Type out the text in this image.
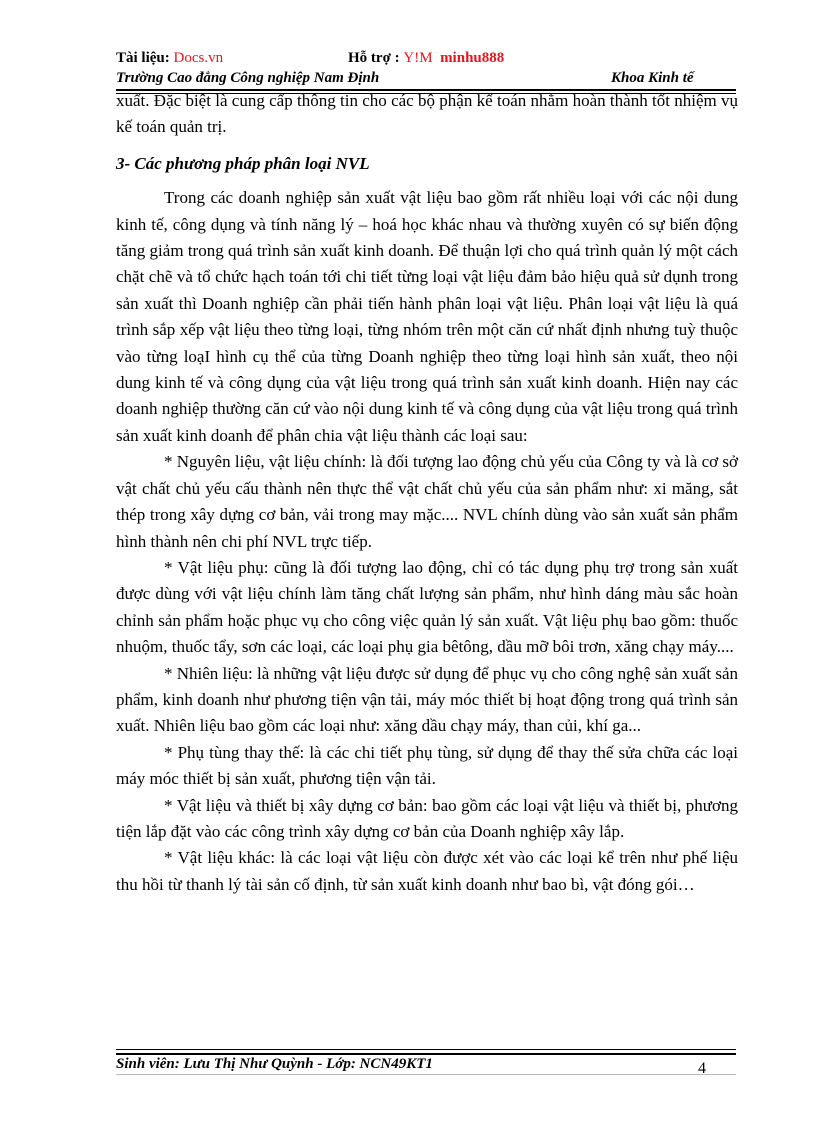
Tài liệu: Docs.vn	Hỗ trợ : Y!M minhu888
Trường Cao đẳng Công nghiệp Nam Định	Khoa Kinh tế

xuất. Đặc biệt là cung cấp thông tin cho các bộ phận kế toán nhằm hoàn thành tốt nhiệm vụ kế toán quản trị.

3- Các phương pháp phân loại NVL

Trong các doanh nghiệp sản xuất vật liệu bao gồm rất nhiều loại với các nội dung kinh tế, công dụng và tính năng lý – hoá học khác nhau và thường xuyên có sự biến động tăng giảm trong quá trình sản xuất kinh doanh. Để thuận lợi cho quá trình quản lý một cách chặt chẽ và tổ chức hạch toán tới chi tiết từng loại vật liệu đảm bảo hiệu quả sử dụnh trong sản xuất thì Doanh nghiệp cần phải tiến hành phân loại vật liệu. Phân loại vật liệu là quá trình sắp xếp vật liệu theo từng loại, từng nhóm trên một căn cứ nhất định nhưng tuỳ thuộc vào từng loạI hình cụ thể của từng Doanh nghiệp theo từng loại hình sản xuất, theo nội dung kinh tế và công dụng của vật liệu trong quá trình sản xuất kinh doanh. Hiện nay các doanh nghiệp thường căn cứ vào nội dung kinh tế và công dụng của vật liệu trong quá trình sản xuất kinh doanh để phân chia vật liệu thành các loại sau:

* Nguyên liệu, vật liệu chính: là đối tượng lao động chủ yếu của Công ty và là cơ sở vật chất chủ yếu cấu thành nên thực thể vật chất chủ yếu của sản phẩm như: xi măng, sắt thép trong xây dựng cơ bản, vải trong may mặc.... NVL chính dùng vào sản xuất sản phẩm hình thành nên chi phí NVL trực tiếp.

* Vật liệu phụ: cũng là đối tượng lao động, chỉ có tác dụng phụ trợ trong sản xuất được dùng với vật liệu chính làm tăng chất lượng sản phẩm, như hình dáng màu sắc hoàn chỉnh sản phẩm hoặc phục vụ cho công việc quản lý sản xuất. Vật liệu phụ bao gồm: thuốc nhuộm, thuốc tẩy, sơn các loại, các loại phụ gia bêtông, dầu mỡ bôi trơn, xăng chạy máy....

* Nhiên liệu: là những vật liệu được sử dụng để phục vụ cho công nghệ sản xuất sản phẩm, kinh doanh như phương tiện vận tải, máy móc thiết bị hoạt động trong quá trình sản xuất. Nhiên liệu bao gồm các loại như: xăng dầu chạy máy, than củi, khí ga...

* Phụ tùng thay thế: là các chi tiết phụ tùng, sử dụng để thay thế sửa chữa các loại máy móc thiết bị sản xuất, phương tiện vận tải.

* Vật liệu và thiết bị xây dựng cơ bản: bao gồm các loại vật liệu và thiết bị, phương tiện lắp đặt vào các công trình xây dựng cơ bản của Doanh nghiệp xây lắp.

* Vật liệu khác: là các loại vật liệu còn được xét vào các loại kể trên như phế liệu thu hồi từ thanh lý tài sản cố định, từ sản xuất kinh doanh như bao bì, vật đóng gói…

Sinh viên: Lưu Thị Như Quỳnh - Lớp: NCN49KT1	4
